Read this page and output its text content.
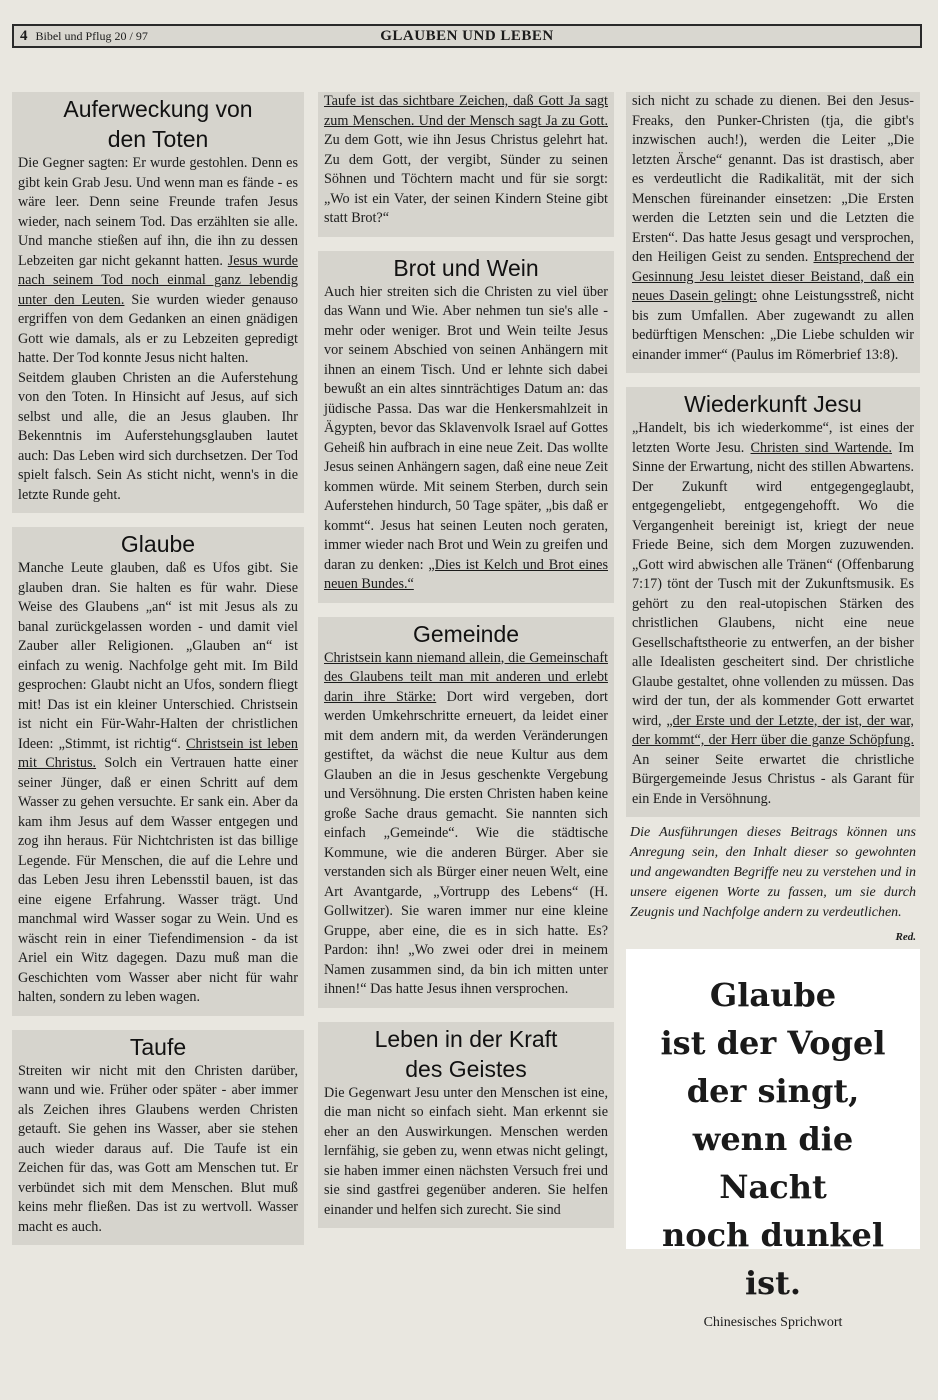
4 Bibel und Pflug 20 / 97	GLAUBEN UND LEBEN
Auferweckung von
den Toten

Die Gegner sagten: Er wurde gestohlen. Denn es gibt kein Grab Jesu. Und wenn man es fände - es wäre leer. Denn seine Freunde trafen Jesus wieder, nach seinem Tod. Das erzählten sie alle. Und manche stießen auf ihn, die ihn zu dessen Lebzeiten gar nicht gekannt hatten. Jesus wurde nach seinem Tod noch einmal ganz lebendig unter den Leuten. Sie wurden wieder genauso ergriffen von dem Gedanken an einen gnädigen Gott wie damals, als er zu Lebzeiten gepredigt hatte. Der Tod konnte Jesus nicht halten.

Seitdem glauben Christen an die Auferstehung von den Toten. In Hinsicht auf Jesus, auf sich selbst und alle, die an Jesus glauben. Ihr Bekenntnis im Auferstehungsglauben lautet auch: Das Leben wird sich durchsetzen. Der Tod spielt falsch. Sein As sticht nicht, wenn's in die letzte Runde geht.

Glaube

Manche Leute glauben, daß es Ufos gibt. Sie glauben dran. Sie halten es für wahr. Diese Weise des Glaubens „an“ ist mit Jesus als zu banal zurückgelassen worden - und damit viel Zauber aller Religionen. „Glauben an“ ist einfach zu wenig. Nachfolge geht mit. Im Bild gesprochen: Glaubt nicht an Ufos, sondern fliegt mit! Das ist ein kleiner Unterschied. Christsein ist nicht ein Für-Wahr-Halten der christlichen Ideen: „Stimmt, ist richtig“. Christsein ist leben mit Christus. Solch ein Vertrauen hatte einer seiner Jünger, daß er einen Schritt auf dem Wasser zu gehen versuchte. Er sank ein. Aber da kam ihm Jesus auf dem Wasser entgegen und zog ihn heraus. Für Nichtchristen ist das billige Legende. Für Menschen, die auf die Lehre und das Leben Jesu ihren Lebensstil bauen, ist das eine eigene Erfahrung. Wasser trägt. Und manchmal wird Wasser sogar zu Wein. Und es wäscht rein in einer Tiefendimension - da ist Ariel ein Witz dagegen. Dazu muß man die Geschichten vom Wasser aber nicht für wahr halten, sondern zu leben wagen.

Taufe

Streiten wir nicht mit den Christen darüber, wann und wie. Früher oder später - aber immer als Zeichen ihres Glaubens werden Christen getauft. Sie gehen ins Wasser, aber sie stehen auch wieder daraus auf. Die Taufe ist ein Zeichen für das, was Gott am Menschen tut. Er verbündet sich mit dem Menschen. Blut muß keins mehr fließen. Das ist zu wertvoll. Wasser macht es auch.

Taufe ist das sichtbare Zeichen, daß Gott Ja sagt zum Menschen. Und der Mensch sagt Ja zu Gott. Zu dem Gott, wie ihn Jesus Christus gelehrt hat. Zu dem Gott, der vergibt, Sünder zu seinen Söhnen und Töchtern macht und für sie sorgt: „Wo ist ein Vater, der seinen Kindern Steine gibt statt Brot?“

Brot und Wein

Auch hier streiten sich die Christen zu viel über das Wann und Wie. Aber nehmen tun sie's alle - mehr oder weniger. Brot und Wein teilte Jesus vor seinem Abschied von seinen Anhängern mit ihnen an einem Tisch. Und er lehnte sich dabei bewußt an ein altes sinnträchtiges Datum an: das jüdische Passa. Das war die Henkersmahlzeit in Ägypten, bevor das Sklavenvolk Israel auf Gottes Geheiß hin aufbrach in eine neue Zeit. Das wollte Jesus seinen Anhängern sagen, daß eine neue Zeit kommen würde. Mit seinem Sterben, durch sein Auferstehen hindurch, 50 Tage später, „bis daß er kommt“. Jesus hat seinen Leuten noch geraten, immer wieder nach Brot und Wein zu greifen und daran zu denken: „Dies ist Kelch und Brot eines neuen Bundes.“

Gemeinde

Christsein kann niemand allein, die Gemeinschaft des Glaubens teilt man mit anderen und erlebt darin ihre Stärke: Dort wird vergeben, dort werden Umkehrschritte erneuert, da leidet einer mit dem andern mit, da werden Veränderungen gestiftet, da wächst die neue Kultur aus dem Glauben an die in Jesus geschenkte Vergebung und Versöhnung. Die ersten Christen haben keine große Sache draus gemacht. Sie nannten sich einfach „Gemeinde“. Wie die städtische Kommune, wie die anderen Bürger. Aber sie verstanden sich als Bürger einer neuen Welt, eine Art Avantgarde, „Vortrupp des Lebens“ (H. Gollwitzer). Sie waren immer nur eine kleine Gruppe, aber eine, die es in sich hatte. Es? Pardon: ihn! „Wo zwei oder drei in meinem Namen zusammen sind, da bin ich mitten unter ihnen!“ Das hatte Jesus ihnen versprochen.

Leben in der Kraft
des Geistes

Die Gegenwart Jesu unter den Menschen ist eine, die man nicht so einfach sieht. Man erkennt sie eher an den Auswirkungen. Menschen werden lernfähig, sie geben zu, wenn etwas nicht gelingt, sie haben immer einen nächsten Versuch frei und sie sind gastfrei gegenüber anderen. Sie helfen einander und helfen sich zurecht. Sie sind

sich nicht zu schade zu dienen. Bei den Jesus-Freaks, den Punker-Christen (tja, die gibt's inzwischen auch!), werden die Leiter „Die letzten Ärsche“ genannt. Das ist drastisch, aber es verdeutlicht die Radikalität, mit der sich Menschen füreinander einsetzen: „Die Ersten werden die Letzten sein und die Letzten die Ersten“. Das hatte Jesus gesagt und versprochen, den Heiligen Geist zu senden. Entsprechend der Gesinnung Jesu leistet dieser Beistand, daß ein neues Dasein gelingt: ohne Leistungsstreß, nicht bis zum Umfallen. Aber zugewandt zu allen bedürftigen Menschen: „Die Liebe schulden wir einander immer“ (Paulus im Römerbrief 13:8).

Wiederkunft Jesu

„Handelt, bis ich wiederkomme“, ist eines der letzten Worte Jesu. Christen sind Wartende. Im Sinne der Erwartung, nicht des stillen Abwartens. Der Zukunft wird entgegengeglaubt, entgegengeliebt, entgegengehofft. Wo die Vergangenheit bereinigt ist, kriegt der neue Friede Beine, sich dem Morgen zuzuwenden. „Gott wird abwischen alle Tränen“ (Offenbarung 7:17) tönt der Tusch mit der Zukunftsmusik. Es gehört zu den real-utopischen Stärken des christlichen Glaubens, nicht eine neue Gesellschaftstheorie zu entwerfen, an der bisher alle Idealisten gescheitert sind. Der christliche Glaube gestaltet, ohne vollenden zu müssen. Das wird der tun, der als kommender Gott erwartet wird, „der Erste und der Letzte, der ist, der war, der kommt“, der Herr über die ganze Schöpfung. An seiner Seite erwartet die christliche Bürgergemeinde Jesus Christus - als Garant für ein Ende in Versöhnung.

Die Ausführungen dieses Beitrags können uns Anregung sein, den Inhalt dieser so gewohnten und angewandten Begriffe neu zu verstehen und in unsere eigenen Worte zu fassen, um sie durch Zeugnis und Nachfolge andern zu verdeutlichen.
Red.
Glaube
ist der Vogel
der singt,
wenn die Nacht
noch dunkel ist.
Chinesisches Sprichwort
